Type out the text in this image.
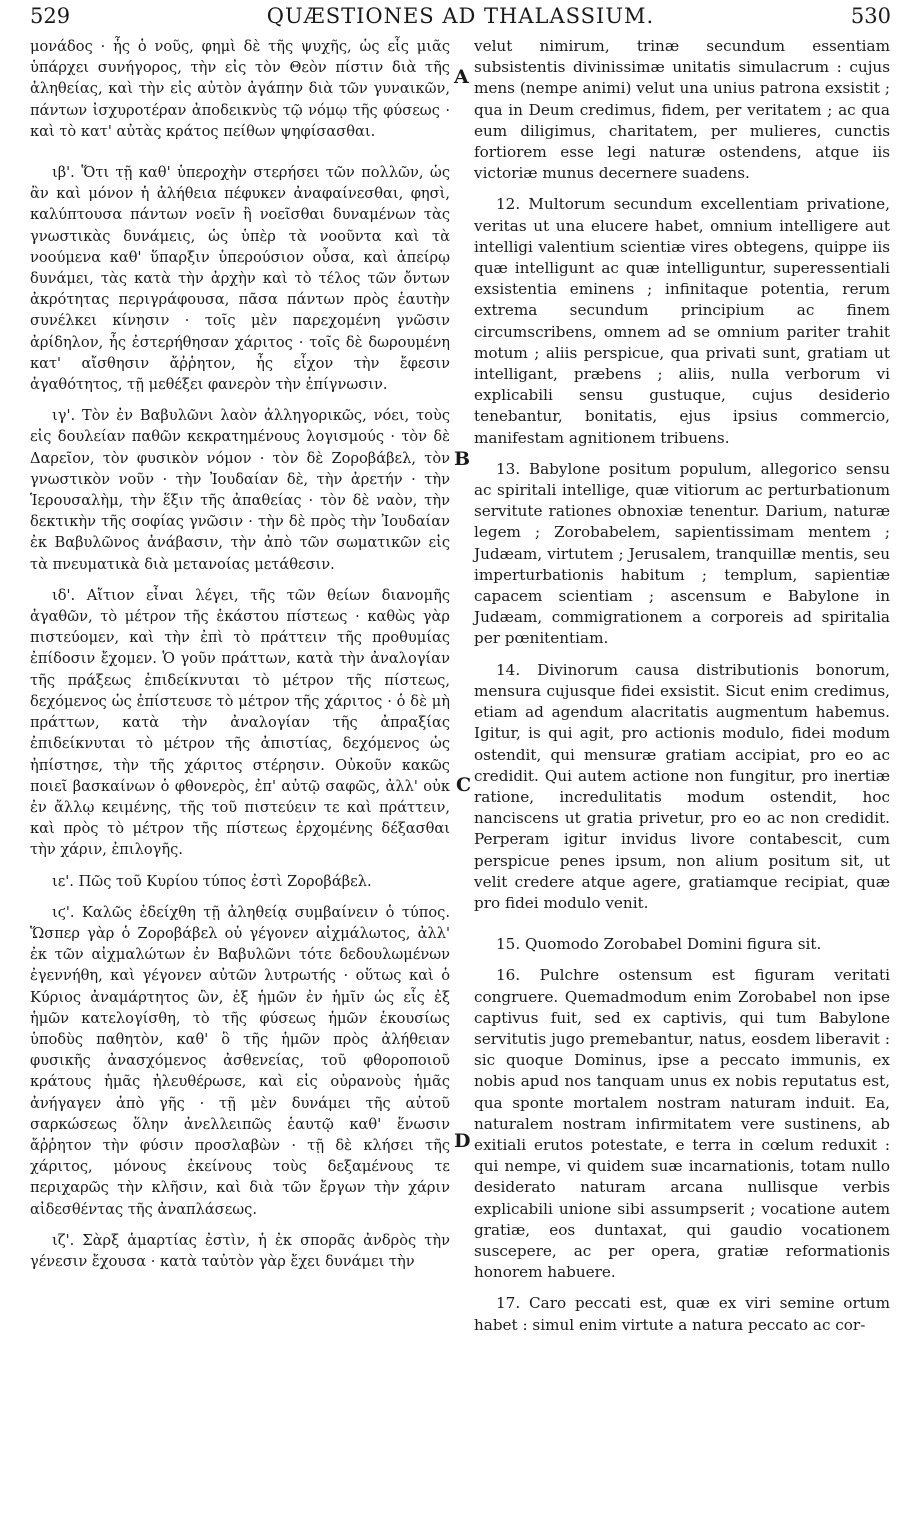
529	QUÆSTIONES AD THALASSIUM.	530

μονάδος · ἧς ὁ νοῦς, φημὶ δὲ τῆς ψυχῆς, ὡς εἷς μιᾶς ὑπάρχει συνήγορος, τὴν εἰς τὸν Θεὸν πίστιν διὰ τῆς ἀληθείας, καὶ τὴν εἰς αὐτὸν ἀγάπην διὰ τῶν γυναικῶν, πάντων ἰσχυροτέραν ἀποδεικνὺς τῷ νόμῳ τῆς φύσεως · καὶ τὸ κατ' αὐτὰς κράτος πείθων ψηφίσασθαι.

ιβ'. Ὅτι τῇ καθ' ὑπεροχὴν στερήσει τῶν πολλῶν, ὡς ἂν καὶ μόνον ἡ ἀλήθεια πέφυκεν ἀναφαίνεσθαι, φησὶ, καλύπτουσα πάντων νοεῖν ἢ νοεῖσθαι δυναμένων τὰς γνωστικὰς δυνάμεις, ὡς ὑπὲρ τὰ νοοῦντα καὶ τὰ νοούμενα καθ' ὕπαρξιν ὑπερούσιον οὖσα, καὶ ἀπείρῳ δυνάμει, τὰς κατὰ τὴν ἀρχὴν καὶ τὸ τέλος τῶν ὄντων ἀκρότητας περιγράφουσα, πᾶσα πάντων πρὸς ἑαυτὴν συνέλκει κίνησιν · τοῖς μὲν παρεχομένη γνῶσιν ἀρίδηλον, ἧς ἐστερήθησαν χάριτος · τοῖς δὲ δωρουμένη κατ' αἴσθησιν ἄῤῥητον, ἧς εἶχον τὴν ἔφεσιν ἀγαθότητος, τῇ μεθέξει φανερὸν τὴν ἐπίγνωσιν.

ιγ'. Τὸν ἐν Βαβυλῶνι λαὸν ἀλληγορικῶς, νόει, τοὺς εἰς δουλείαν παθῶν κεκρατημένους λογισμούς · τὸν δὲ Δαρεῖον, τὸν φυσικὸν νόμον · τὸν δὲ Ζοροβάβελ, τὸν γνωστικὸν νοῦν · τὴν Ἰουδαίαν δὲ, τὴν ἀρετήν · τὴν Ἱερουσαλὴμ, τὴν ἕξιν τῆς ἀπαθείας · τὸν δὲ ναὸν, τὴν δεκτικὴν τῆς σοφίας γνῶσιν · τὴν δὲ πρὸς τὴν Ἰουδαίαν ἐκ Βαβυλῶνος ἀνάβασιν, τὴν ἀπὸ τῶν σωματικῶν εἰς τὰ πνευματικὰ διὰ μετανοίας μετάθεσιν.

ιδ'. Αἴτιον εἶναι λέγει, τῆς τῶν θείων διανομῆς ἀγαθῶν, τὸ μέτρον τῆς ἑκάστου πίστεως · καθὼς γὰρ πιστεύομεν, καὶ τὴν ἐπὶ τὸ πράττειν τῆς προθυμίας ἐπίδοσιν ἔχομεν. Ὁ γοῦν πράττων, κατὰ τὴν ἀναλογίαν τῆς πράξεως ἐπιδείκνυται τὸ μέτρον τῆς πίστεως, δεχόμενος ὡς ἐπίστευσε τὸ μέτρον τῆς χάριτος · ὁ δὲ μὴ πράττων, κατὰ τὴν ἀναλογίαν τῆς ἀπραξίας ἐπιδείκνυται τὸ μέτρον τῆς ἀπιστίας, δεχόμενος ὡς ἠπίστησε, τὴν τῆς χάριτος στέρησιν. Οὐκοῦν κακῶς ποιεῖ βασκαίνων ὁ φθονερὸς, ἐπ' αὐτῷ σαφῶς, ἀλλ' οὐκ ἐν ἄλλῳ κειμένης, τῆς τοῦ πιστεύειν τε καὶ πράττειν, καὶ πρὸς τὸ μέτρον τῆς πίστεως ἐρχομένης δέξασθαι τὴν χάριν, ἐπιλογῆς.

ιε'. Πῶς τοῦ Κυρίου τύπος ἐστὶ Ζοροβάβελ.

ιϛ'. Καλῶς ἐδείχθη τῇ ἀληθείᾳ συμβαίνειν ὁ τύπος. Ὥσπερ γὰρ ὁ Ζοροβάβελ οὐ γέγονεν αἰχμάλωτος, ἀλλ' ἐκ τῶν αἰχμαλώτων ἐν Βαβυλῶνι τότε δεδουλωμένων ἐγεννήθη, καὶ γέγονεν αὐτῶν λυτρωτής · οὕτως καὶ ὁ Κύριος ἀναμάρτητος ὢν, ἐξ ἡμῶν ἐν ἡμῖν ὡς εἷς ἐξ ἡμῶν κατελογίσθη, τὸ τῆς φύσεως ἡμῶν ἑκουσίως ὑποδὺς παθητὸν, καθ' ὃ τῆς ἡμῶν πρὸς ἀλήθειαν φυσικῆς ἀνασχόμενος ἀσθενείας, τοῦ φθοροποιοῦ κράτους ἡμᾶς ἠλευθέρωσε, καὶ εἰς οὐρανοὺς ἡμᾶς ἀνήγαγεν ἀπὸ γῆς · τῇ μὲν δυνάμει τῆς αὐτοῦ σαρκώσεως ὅλην ἀνελλειπῶς ἑαυτῷ καθ' ἕνωσιν ἄῤῥητον τὴν φύσιν προσλαβὼν · τῇ δὲ κλήσει τῆς χάριτος, μόνους ἐκείνους τοὺς δεξαμένους τε περιχαρῶς τὴν κλῆσιν, καὶ διὰ τῶν ἔργων τὴν χάριν αἰδεσθέντας τῆς ἀναπλάσεως.

ιζ'. Σὰρξ ἁμαρτίας ἐστὶν, ἡ ἐκ σπορᾶς ἀνδρὸς τὴν γένεσιν ἔχουσα · κατὰ ταὐτὸν γὰρ ἔχει δυνάμει τὴν

A
B
C
D

velut nimirum, trinæ secundum essentiam subsistentis divinissimæ unitatis simulacrum : cujus mens (nempe animi) velut una unius patrona exsistit ; qua in Deum credimus, fidem, per veritatem ; ac qua eum diligimus, charitatem, per mulieres, cunctis fortiorem esse legi naturæ ostendens, atque iis victoriæ munus decernere suadens.

12. Multorum secundum excellentiam privatione, veritas ut una elucere habet, omnium intelligere aut intelligi valentium scientiæ vires obtegens, quippe iis quæ intelligunt ac quæ intelliguntur, superessentiali exsistentia eminens ; infinitaque potentia, rerum extrema secundum principium ac finem circumscribens, omnem ad se omnium pariter trahit motum ; aliis perspicue, qua privati sunt, gratiam ut intelligant, præbens ; aliis, nulla verborum vi explicabili sensu gustuque, cujus desiderio tenebantur, bonitatis, ejus ipsius commercio, manifestam agnitionem tribuens.

13. Babylone positum populum, allegorico sensu ac spiritali intellige, quæ vitiorum ac perturbationum servitute rationes obnoxiæ tenentur. Darium, naturæ legem ; Zorobabelem, sapientissimam mentem ; Judæam, virtutem ; Jerusalem, tranquillæ mentis, seu imperturbationis habitum ; templum, sapientiæ capacem scientiam ; ascensum e Babylone in Judæam, commigrationem a corporeis ad spiritalia per pœnitentiam.

14. Divinorum causa distributionis bonorum, mensura cujusque fidei exsistit. Sicut enim credimus, etiam ad agendum alacritatis augmentum habemus. Igitur, is qui agit, pro actionis modulo, fidei modum ostendit, qui mensuræ gratiam accipiat, pro eo ac credidit. Qui autem actione non fungitur, pro inertiæ ratione, incredulitatis modum ostendit, hoc nanciscens ut gratia privetur, pro eo ac non credidit. Perperam igitur invidus livore contabescit, cum perspicue penes ipsum, non alium positum sit, ut velit credere atque agere, gratiamque recipiat, quæ pro fidei modulo venit.

15. Quomodo Zorobabel Domini figura sit.

16. Pulchre ostensum est figuram veritati congruere. Quemadmodum enim Zorobabel non ipse captivus fuit, sed ex captivis, qui tum Babylone servitutis jugo premebantur, natus, eosdem liberavit : sic quoque Dominus, ipse a peccato immunis, ex nobis apud nos tanquam unus ex nobis reputatus est, qua sponte mortalem nostram naturam induit. Ea, naturalem nostram infirmitatem vere sustinens, ab exitiali erutos potestate, e terra in cœlum reduxit : qui nempe, vi quidem suæ incarnationis, totam nullo desiderato naturam arcana nullisque verbis explicabili unione sibi assumpserit ; vocatione autem gratiæ, eos duntaxat, qui gaudio vocationem suscepere, ac per opera, gratiæ reformationis honorem habuere.

17. Caro peccati est, quæ ex viri semine ortum habet : simul enim virtute a natura peccato ac cor-
